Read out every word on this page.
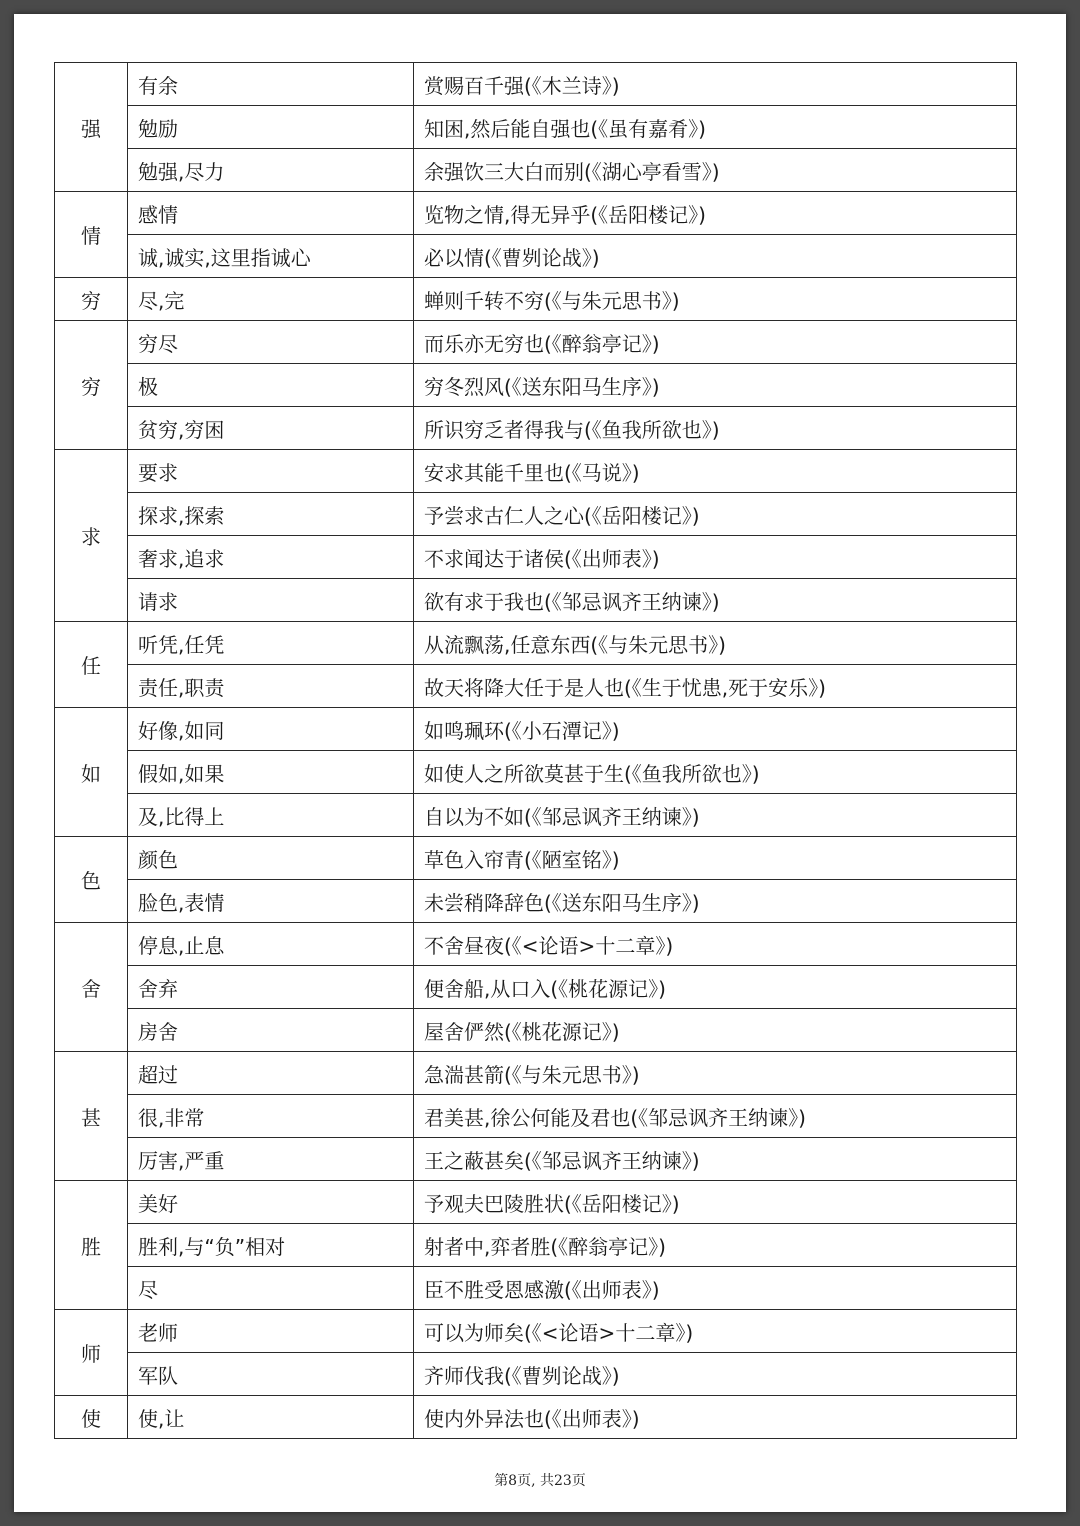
强	有余	赏赐百千强(《木兰诗》)
	勉励	知困,然后能自强也(《虽有嘉肴》)
	勉强,尽力	余强饮三大白而别(《湖心亭看雪》)
情	感情	览物之情,得无异乎(《岳阳楼记》)
	诚,诚实,这里指诚心	必以情(《曹刿论战》)
穷	尽,完	蝉则千转不穷(《与朱元思书》)
穷	穷尽	而乐亦无穷也(《醉翁亭记》)
	极	穷冬烈风(《送东阳马生序》)
	贫穷,穷困	所识穷乏者得我与(《鱼我所欲也》)
求	要求	安求其能千里也(《马说》)
	探求,探索	予尝求古仁人之心(《岳阳楼记》)
	奢求,追求	不求闻达于诸侯(《出师表》)
	请求	欲有求于我也(《邹忌讽齐王纳谏》)
任	听凭,任凭	从流飘荡,任意东西(《与朱元思书》)
	责任,职责	故天将降大任于是人也(《生于忧患,死于安乐》)
如	好像,如同	如鸣珮环(《小石潭记》)
	假如,如果	如使人之所欲莫甚于生(《鱼我所欲也》)
	及,比得上	自以为不如(《邹忌讽齐王纳谏》)
色	颜色	草色入帘青(《陋室铭》)
	脸色,表情	未尝稍降辞色(《送东阳马生序》)
舍	停息,止息	不舍昼夜(《<论语>十二章》)
	舍弃	便舍船,从口入(《桃花源记》)
	房舍	屋舍俨然(《桃花源记》)
甚	超过	急湍甚箭(《与朱元思书》)
	很,非常	君美甚,徐公何能及君也(《邹忌讽齐王纳谏》)
	厉害,严重	王之蔽甚矣(《邹忌讽齐王纳谏》)
胜	美好	予观夫巴陵胜状(《岳阳楼记》)
	胜利,与“负”相对	射者中,弈者胜(《醉翁亭记》)
	尽	臣不胜受恩感激(《出师表》)
师	老师	可以为师矣(《<论语>十二章》)
	军队	齐师伐我(《曹刿论战》)
使	使,让	使内外异法也(《出师表》)
第8页, 共23页
